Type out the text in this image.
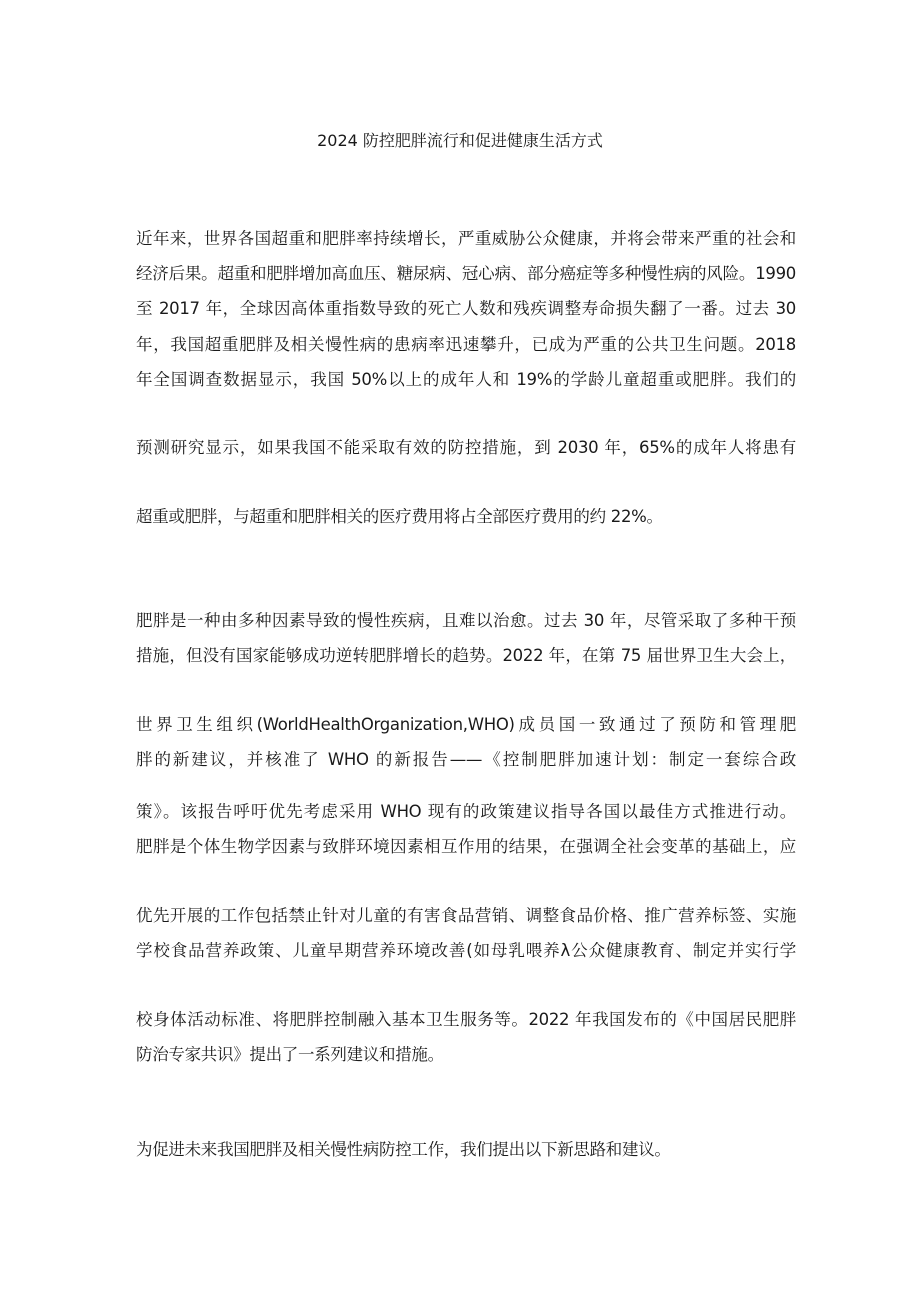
2024 防控肥胖流行和促进健康生活方式
近年来，世界各国超重和肥胖率持续增长，严重威胁公众健康，并将会带来严重的社会和
经济后果。超重和肥胖增加高血压、糖尿病、冠心病、部分癌症等多种慢性病的风险。1990
至 2017 年，全球因高体重指数导致的死亡人数和残疾调整寿命损失翻了一番。过去 30
年，我国超重肥胖及相关慢性病的患病率迅速攀升，已成为严重的公共卫生问题。2018
年全国调查数据显示，我国 50%以上的成年人和 19%的学龄儿童超重或肥胖。我们的
预测研究显示，如果我国不能采取有效的防控措施，到 2030 年，65%的成年人将患有
超重或肥胖，与超重和肥胖相关的医疗费用将占全部医疗费用的约 22%。
肥胖是一种由多种因素导致的慢性疾病，且难以治愈。过去 30 年，尽管采取了多种干预
措施，但没有国家能够成功逆转肥胖增长的趋势。2022 年，在第 75 届世界卫生大会上，
世界卫生组织(WorldHealthOrganization,WHO)成员国一致通过了预防和管理肥
胖的新建议，并核准了 WHO 的新报告——《控制肥胖加速计划：制定一套综合政
策》。该报告呼吁优先考虑采用 WHO 现有的政策建议指导各国以最佳方式推进行动。
肥胖是个体生物学因素与致胖环境因素相互作用的结果，在强调全社会变革的基础上，应
优先开展的工作包括禁止针对儿童的有害食品营销、调整食品价格、推广营养标签、实施
学校食品营养政策、儿童早期营养环境改善(如母乳喂养λ公众健康教育、制定并实行学
校身体活动标准、将肥胖控制融入基本卫生服务等。2022 年我国发布的《中国居民肥胖
防治专家共识》提出了一系列建议和措施。
为促进未来我国肥胖及相关慢性病防控工作，我们提出以下新思路和建议。
